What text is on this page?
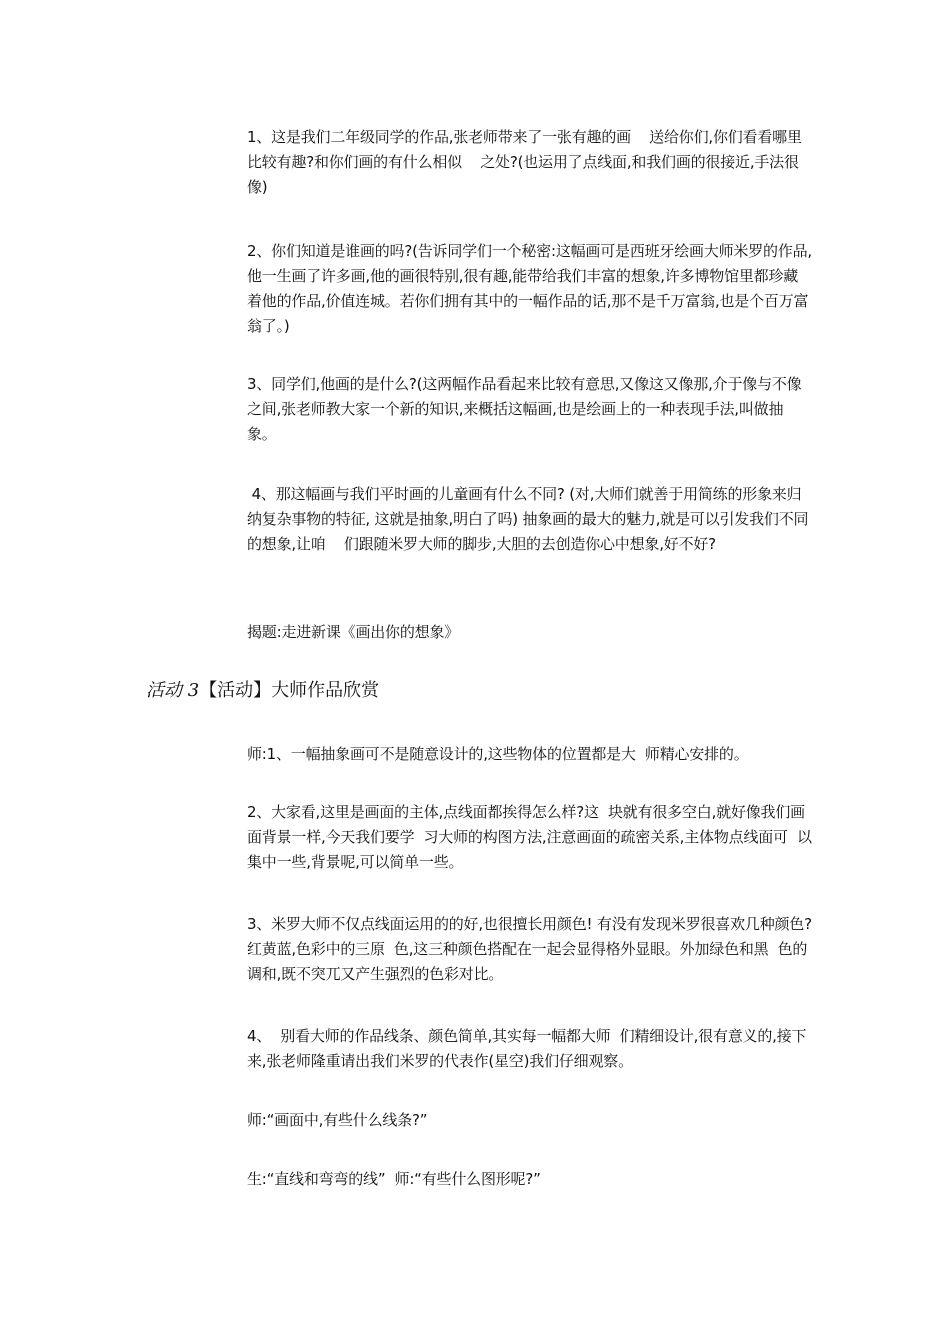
1、这是我们二年级同学的作品,张老师带来了一张有趣的画    送给你们,你们看看哪里比较有趣?和你们画的有什么相似    之处?(也运用了点线面,和我们画的很接近,手法很像)
2、你们知道是谁画的吗?(告诉同学们一个秘密:这幅画可是西班牙绘画大师米罗的作品,他一生画了许多画,他的画很特别,很有趣,能带给我们丰富的想象,许多博物馆里都珍藏着他的作品,价值连城。若你们拥有其中的一幅作品的话,那不是千万富翁,也是个百万富翁了。)
3、同学们,他画的是什么?(这两幅作品看起来比较有意思,又像这又像那,介于像与不像之间,张老师教大家一个新的知识,来概括这幅画,也是绘画上的一种表现手法,叫做抽象。
4、那这幅画与我们平时画的儿童画有什么不同? (对,大师们就善于用简练的形象来归纳复杂事物的特征, 这就是抽象,明白了吗) 抽象画的最大的魅力,就是可以引发我们不同的想象,让咱    们跟随米罗大师的脚步,大胆的去创造你心中想象,好不好?
揭题:走进新课《画出你的想象》
活动 3【活动】大师作品欣赏
师:1、一幅抽象画可不是随意设计的,这些物体的位置都是大  师精心安排的。
2、大家看,这里是画面的主体,点线面都挨得怎么样?这  块就有很多空白,就好像我们画面背景一样,今天我们要学  习大师的构图方法,注意画面的疏密关系,主体物点线面可  以集中一些,背景呢,可以简单一些。
3、米罗大师不仅点线面运用的的好,也很擅长用颜色! 有没有发现米罗很喜欢几种颜色?红黄蓝,色彩中的三原  色,这三种颜色搭配在一起会显得格外显眼。外加绿色和黑  色的调和,既不突兀又产生强烈的色彩对比。
4、  别看大师的作品线条、颜色简单,其实每一幅都大师  们精细设计,很有意义的,接下来,张老师隆重请出我们米罗的代表作(星空)我们仔细观察。
师:“画面中,有些什么线条?”
生:“直线和弯弯的线”  师:“有些什么图形呢?”
